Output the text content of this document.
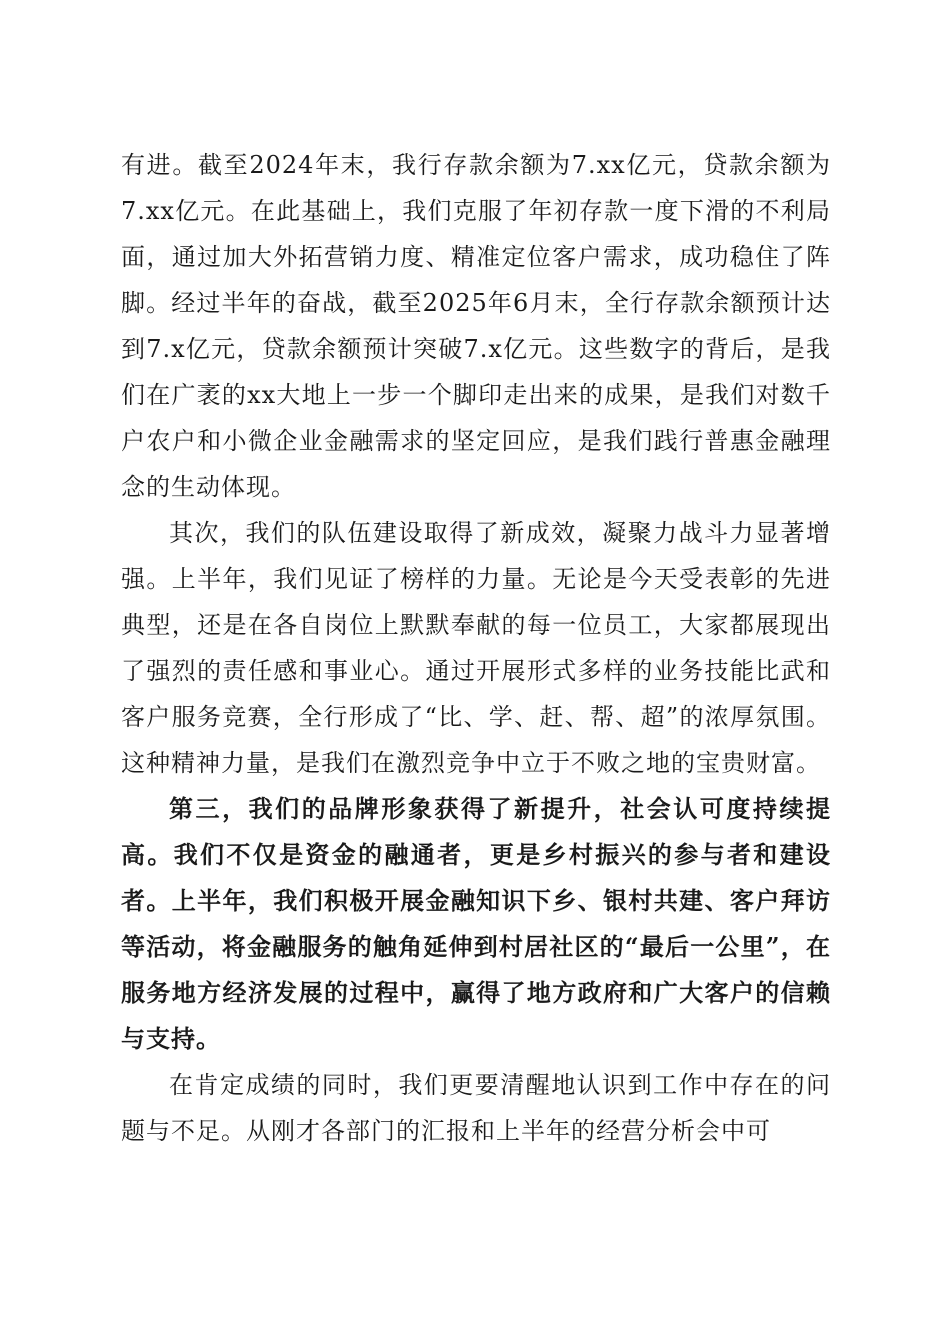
有进。截至2024年末，我行存款余额为7.xx亿元，贷款余额为7.xx亿元。在此基础上，我们克服了年初存款一度下滑的不利局面，通过加大外拓营销力度、精准定位客户需求，成功稳住了阵脚。经过半年的奋战，截至2025年6月末，全行存款余额预计达到7.x亿元，贷款余额预计突破7.x亿元。这些数字的背后，是我们在广袤的xx大地上一步一个脚印走出来的成果，是我们对数千户农户和小微企业金融需求的坚定回应，是我们践行普惠金融理念的生动体现。

其次，我们的队伍建设取得了新成效，凝聚力战斗力显著增强。上半年，我们见证了榜样的力量。无论是今天受表彰的先进典型，还是在各自岗位上默默奉献的每一位员工，大家都展现出了强烈的责任感和事业心。通过开展形式多样的业务技能比武和客户服务竞赛，全行形成了“比、学、赶、帮、超”的浓厚氛围。这种精神力量，是我们在激烈竞争中立于不败之地的宝贵财富。

第三，我们的品牌形象获得了新提升，社会认可度持续提高。我们不仅是资金的融通者，更是乡村振兴的参与者和建设者。上半年，我们积极开展金融知识下乡、银村共建、客户拜访等活动，将金融服务的触角延伸到村居社区的“最后一公里”，在服务地方经济发展的过程中，赢得了地方政府和广大客户的信赖与支持。

在肯定成绩的同时，我们更要清醒地认识到工作中存在的问题与不足。从刚才各部门的汇报和上半年的经营分析会中可
